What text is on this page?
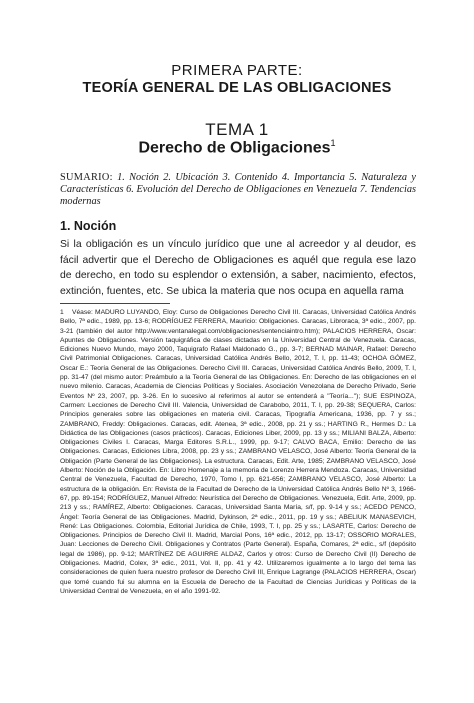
PRIMERA PARTE:
TEORÍA GENERAL DE LAS OBLIGACIONES
TEMA 1
Derecho de Obligaciones$^1$
SUMARIO: 1. Noción 2. Ubicación 3. Contenido 4. Importancia 5. Naturaleza y Características 6. Evolución del Derecho de Obligaciones en Venezuela 7. Tendencias modernas
1. Noción
Si la obligación es un vínculo jurídico que une al acreedor y al deudor, es fácil advertir que el Derecho de Obligaciones es aquél que regula ese lazo de derecho, en todo su esplendor o extensión, a saber, nacimiento, efectos, extinción, fuentes, etc. Se ubica la materia que nos ocupa en aquella rama
1 Véase: MADURO LUYANDO, Eloy: Curso de Obligaciones Derecho Civil III. Caracas, Universidad Católica Andrés Bello, 7ª edic., 1989, pp. 13-6; RODRÍGUEZ FERRERA, Mauricio: Obligaciones. Caracas, Libroraca, 3ª edic., 2007, pp. 3-21 (también del autor http://www.ventanalegal.com/obligaciones/sentenciaintro.htm); PALACIOS HERRERA, Oscar: Apuntes de Obligaciones. Versión taquigráfica de clases dictadas en la Universidad Central de Venezuela. Caracas, Ediciones Nuevo Mundo, mayo 2000, Taquigrafo Rafael Maldonado G., pp. 3-7; BERNAD MAINAR, Rafael: Derecho Civil Patrimonial Obligaciones. Caracas, Universidad Católica Andrés Bello, 2012, T. I, pp. 11-43; OCHOA GÓMEZ, Oscar E.: Teoría General de las Obligaciones. Derecho Civil III. Caracas, Universidad Católica Andrés Bello, 2009, T. I, pp. 31-47 (del mismo autor: Preámbulo a la Teoría General de las Obligaciones. En: Derecho de las obligaciones en el nuevo milenio. Caracas, Academia de Ciencias Políticas y Sociales. Asociación Venezolana de Derecho Privado, Serie Eventos Nº 23, 2007, pp. 3-26. En lo sucesivo al referirnos al autor se entenderá a "Teoría..."); SUE ESPINOZA, Carmen: Lecciones de Derecho Civil III. Valencia, Universidad de Carabobo, 2011, T. I, pp. 29-38; SEQUERA, Carlos: Principios generales sobre las obligaciones en materia civil. Caracas, Tipografía Americana, 1936, pp. 7 y ss.; ZAMBRANO, Freddy: Obligaciones. Caracas, edit. Atenea, 3ª edic., 2008, pp. 21 y ss.; HARTING R., Hermes D.: La Didáctica de las Obligaciones (casos prácticos). Caracas, Ediciones Liber, 2009, pp. 13 y ss.; MILIANI BALZA, Alberto: Obligaciones Civiles I. Caracas, Marga Editores S.R.L., 1999, pp. 9-17; CALVO BACA, Emilio: Derecho de las Obligaciones. Caracas, Ediciones Libra, 2008, pp. 23 y ss.; ZAMBRANO VELASCO, José Alberto: Teoría General de la Obligación (Parte General de las Obligaciones). La estructura. Caracas, Edit. Arte, 1985; ZAMBRANO VELASCO, José Alberto: Noción de la Obligación. En: Libro Homenaje a la memoria de Lorenzo Herrera Mendoza. Caracas, Universidad Central de Venezuela, Facultad de Derecho, 1970, Tomo I, pp. 621-656; ZAMBRANO VELASCO, José Alberto: La estructura de la obligación. En: Revista de la Facultad de Derecho de la Universidad Católica Andrés Bello Nº 3, 1966-67, pp. 89-154; RODRÍGUEZ, Manuel Alfredo: Neurística del Derecho de Obligaciones. Venezuela, Edit. Arte, 2009, pp. 213 y ss.; RAMÍREZ, Alberto: Obligaciones. Caracas, Universidad Santa María, s/f, pp. 9-14 y ss.; ACEDO PENCO, Ángel: Teoría General de las Obligaciones. Madrid, Dykinson, 2ª edic., 2011, pp. 19 y ss.; ABELIUK MANASEVICH, René: Las Obligaciones. Colombia, Editorial Jurídica de Chile, 1993, T. I, pp. 25 y ss.; LASARTE, Carlos: Derecho de Obligaciones. Principios de Derecho Civil II. Madrid, Marcial Pons, 16ª edic., 2012, pp. 13-17; OSSORIO MORALES, Juan: Lecciones de Derecho Civil. Obligaciones y Contratos (Parte General). España, Comares, 2ª edic., s/f (depósito legal de 1986), pp. 9-12; MARTÍNEZ DE AGUIRRE ALDAZ, Carlos y otros: Curso de Derecho Civil (II) Derecho de Obligaciones. Madrid, Colex, 3ª edic., 2011, Vol. II, pp. 41 y 42. Utilizaremos igualmente a lo largo del tema las consideraciones de quien fuera nuestro profesor de Derecho Civil III, Enrique Lagrange (PALACIOS HERRERA, Oscar) que tomé cuando fui su alumna en la Escuela de Derecho de la Facultad de Ciencias Jurídicas y Políticas de la Universidad Central de Venezuela, en el año 1991-92.
